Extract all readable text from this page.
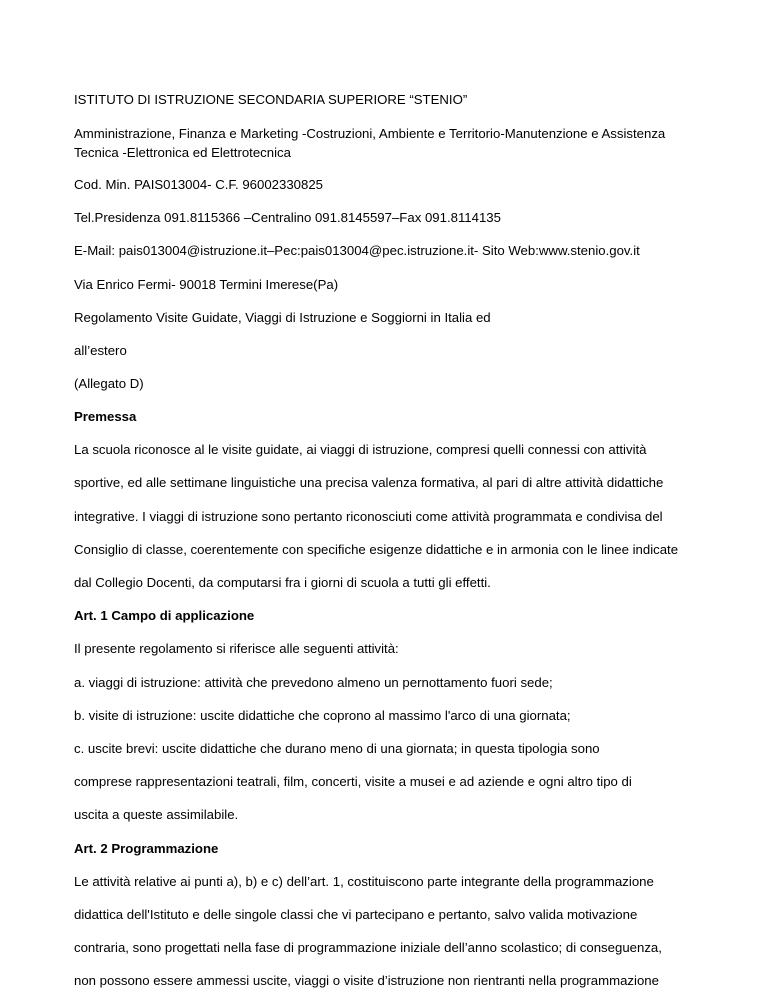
ISTITUTO DI ISTRUZIONE SECONDARIA SUPERIORE “STENIO”

Amministrazione, Finanza e Marketing -Costruzioni, Ambiente e Territorio-Manutenzione e Assistenza Tecnica -Elettronica ed Elettrotecnica

Cod. Min. PAIS013004- C.F. 96002330825

Tel.Presidenza 091.8115366 –Centralino 091.8145597–Fax 091.8114135

E-Mail: pais013004@istruzione.it–Pec:pais013004@pec.istruzione.it- Sito Web:www.stenio.gov.it

Via Enrico Fermi- 90018 Termini Imerese(Pa)

Regolamento Visite Guidate, Viaggi di Istruzione e Soggiorni in Italia ed

all’estero

(Allegato D)

Premessa

La scuola riconosce al le visite guidate, ai viaggi di istruzione, compresi quelli connessi con attività

sportive, ed alle settimane linguistiche una precisa valenza formativa, al pari di altre attività didattiche

integrative. I viaggi di istruzione sono pertanto riconosciuti come attività programmata e condivisa del

Consiglio di classe, coerentemente con specifiche esigenze didattiche e in armonia con le linee indicate

dal Collegio Docenti, da computarsi fra i giorni di scuola a tutti gli effetti.

Art. 1 Campo di applicazione

Il presente regolamento si riferisce alle seguenti attività:

a. viaggi di istruzione: attività che prevedono almeno un pernottamento fuori sede;

b. visite di istruzione: uscite didattiche che coprono al massimo l'arco di una giornata;

c. uscite brevi: uscite didattiche che durano meno di una giornata; in questa tipologia sono

comprese rappresentazioni teatrali, film, concerti, visite a musei e ad aziende e ogni altro tipo di

uscita a queste assimilabile.

Art. 2 Programmazione

Le attività relative ai punti a), b) e c) dell’art. 1, costituiscono parte integrante della programmazione

didattica dell'Istituto e delle singole classi che vi partecipano e pertanto, salvo valida motivazione

contraria, sono progettati nella fase di programmazione iniziale dell’anno scolastico; di conseguenza,

non possono essere ammessi uscite, viaggi o visite d’istruzione non rientranti nella programmazione
